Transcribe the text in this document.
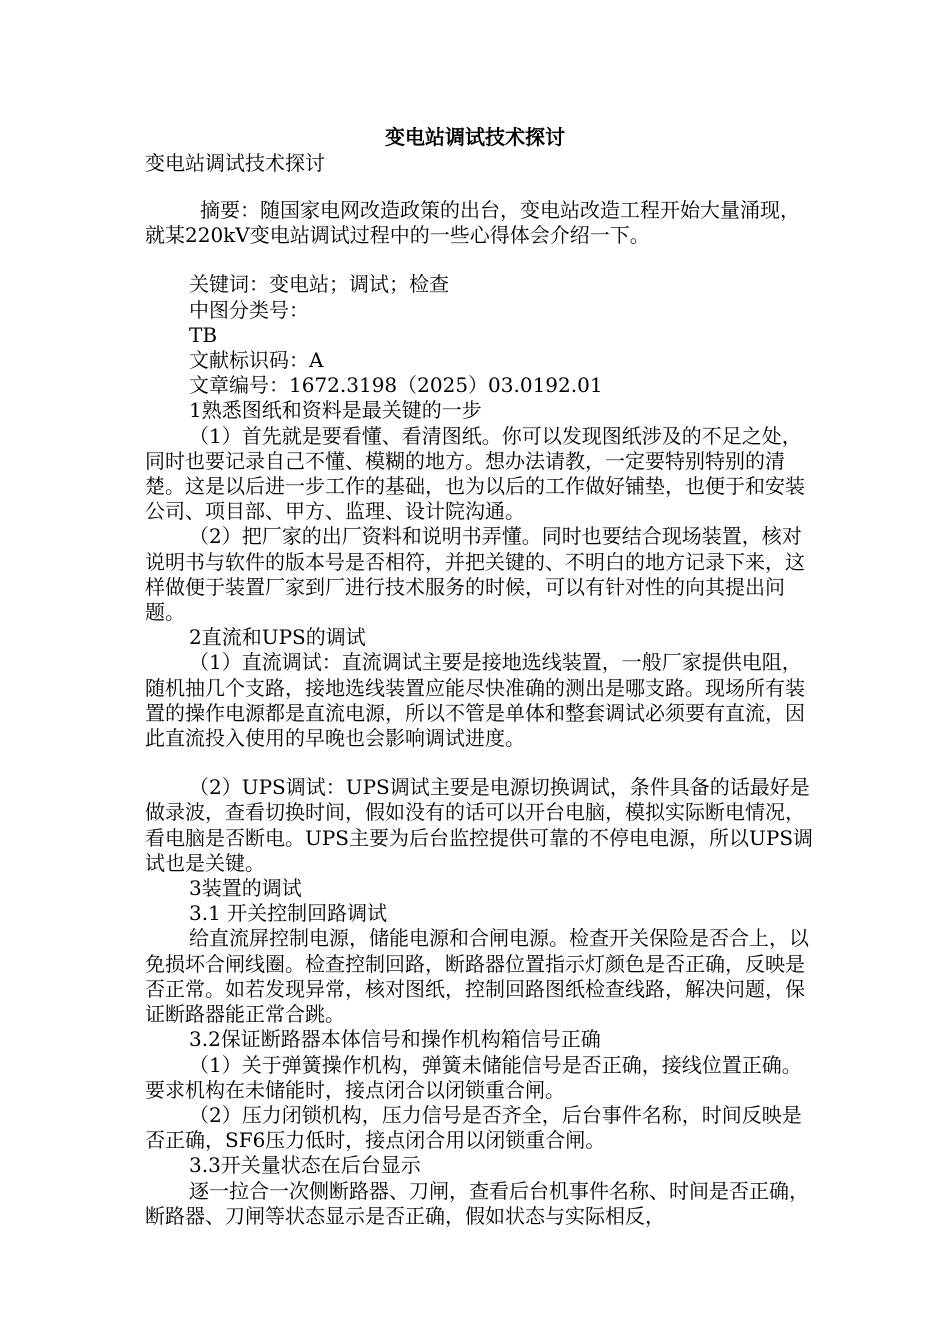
变电站调试技术探讨
变电站调试技术探讨

摘要：随国家电网改造政策的出台，变电站改造工程开始大量涌现，就某220kV变电站调试过程中的一些心得体会介绍一下。

关键词：变电站；调试；检查

中图分类号：

TB

文献标识码：A

文章编号：1672.3198（2025）03.0192.01

1熟悉图纸和资料是最关键的一步

（1）首先就是要看懂、看清图纸。你可以发现图纸涉及的不足之处，同时也要记录自己不懂、模糊的地方。想办法请教，一定要特别特别的清楚。这是以后进一步工作的基础，也为以后的工作做好铺垫，也便于和安装公司、项目部、甲方、监理、设计院沟通。

（2）把厂家的出厂资料和说明书弄懂。同时也要结合现场装置，核对说明书与软件的版本号是否相符，并把关键的、不明白的地方记录下来，这样做便于装置厂家到厂进行技术服务的时候，可以有针对性的向其提出问题。

2直流和UPS的调试

（1）直流调试：直流调试主要是接地选线装置，一般厂家提供电阻，随机抽几个支路，接地选线装置应能尽快准确的测出是哪支路。现场所有装置的操作电源都是直流电源，所以不管是单体和整套调试必须要有直流，因此直流投入使用的早晚也会影响调试进度。

（2）UPS调试：UPS调试主要是电源切换调试，条件具备的话最好是做录波，查看切换时间，假如没有的话可以开台电脑，模拟实际断电情况，看电脑是否断电。UPS主要为后台监控提供可靠的不停电电源，所以UPS调试也是关键。

3装置的调试

3.1 开关控制回路调试

给直流屏控制电源，储能电源和合闸电源。检查开关保险是否合上，以免损坏合闸线圈。检查控制回路，断路器位置指示灯颜色是否正确，反映是否正常。如若发现异常，核对图纸，控制回路图纸检查线路，解决问题，保证断路器能正常合跳。

3.2保证断路器本体信号和操作机构箱信号正确

（1）关于弹簧操作机构，弹簧未储能信号是否正确，接线位置正确。要求机构在未储能时，接点闭合以闭锁重合闸。

（2）压力闭锁机构，压力信号是否齐全，后台事件名称，时间反映是否正确，SF6压力低时，接点闭合用以闭锁重合闸。

3.3开关量状态在后台显示

逐一拉合一次侧断路器、刀闸，查看后台机事件名称、时间是否正确，断路器、刀闸等状态显示是否正确，假如状态与实际相反，
